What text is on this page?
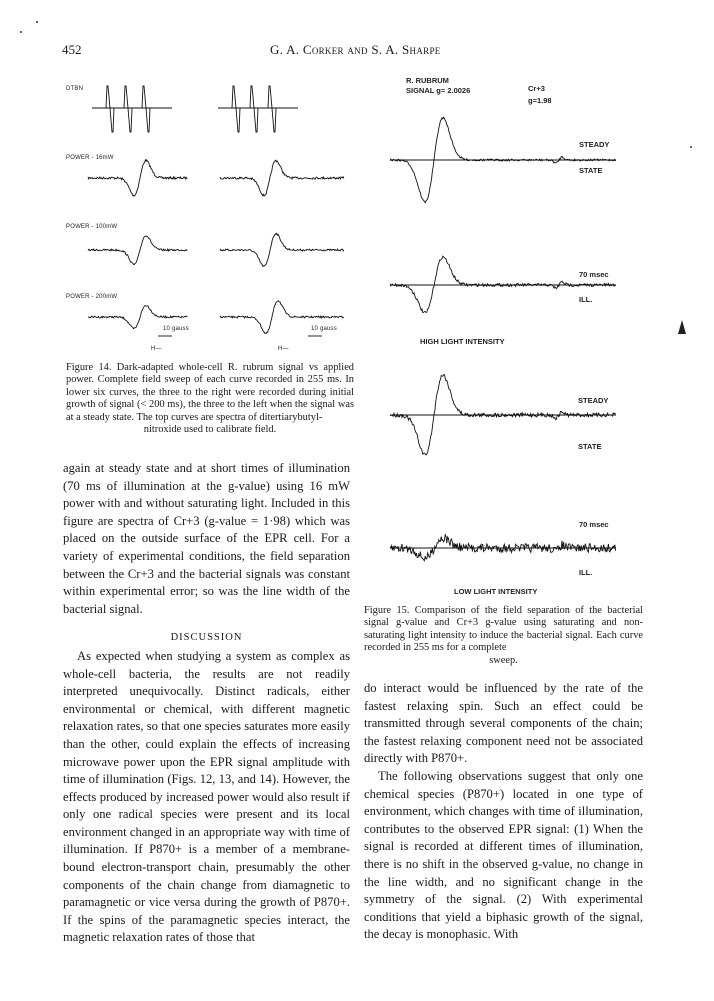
452	G. A. Corker and S. A. Sharpe
DTBN
POWER - 16mW
POWER - 100mW
POWER - 200mW
10 gauss	10 gauss
H—	H—
Figure 14. Dark-adapted whole-cell R. rubrum signal vs applied power. Complete field sweep of each curve recorded in 255 ms. In lower six curves, the three to the right were recorded during initial growth of signal (< 200 ms), the three to the left when the signal was at a steady state. The top curves are spectra of ditertiarybutyl-
nitroxide used to calibrate field.
R. RUBRUM
SIGNAL g= 2.0026	Cr+3
g=1.98
STEADY
STATE
70 msec
ILL.
HIGH LIGHT INTENSITY
STEADY
STATE
70 msec
ILL.
LOW LIGHT INTENSITY
Figure 15. Comparison of the field separation of the bacterial signal g-value and Cr+3 g-value using saturating and non-saturating light intensity to induce the bacterial signal. Each curve recorded in 255 ms for a complete
sweep.

again at steady state and at short times of illumination (70 ms of illumination at the g-value) using 16 mW power with and without saturating light. Included in this figure are spectra of Cr+3 (g-value = 1·98) which was placed on the outside surface of the EPR cell. For a variety of experimental conditions, the field separation between the Cr+3 and the bacterial signals was constant within experimental error; so was the line width of the bacterial signal.

DISCUSSION

As expected when studying a system as complex as whole-cell bacteria, the results are not readily interpreted unequivocally. Distinct radicals, either environmental or chemical, with different magnetic relaxation rates, so that one species saturates more easily than the other, could explain the effects of increasing microwave power upon the EPR signal amplitude with time of illumination (Figs. 12, 13, and 14). However, the effects produced by increased power would also result if only one radical species were present and its local environment changed in an appropriate way with time of illumination. If P870+ is a member of a membrane-bound electron-transport chain, presumably the other components of the chain change from diamagnetic to paramagnetic or vice versa during the growth of P870+. If the spins of the paramagnetic species interact, the magnetic relaxation rates of those that

do interact would be influenced by the rate of the fastest relaxing spin. Such an effect could be transmitted through several components of the chain; the fastest relaxing component need not be associated directly with P870+.

The following observations suggest that only one chemical species (P870+) located in one type of environment, which changes with time of illumination, contributes to the observed EPR signal: (1) When the signal is recorded at different times of illumination, there is no shift in the observed g-value, no change in the line width, and no significant change in the symmetry of the signal. (2) With experimental conditions that yield a biphasic growth of the signal, the decay is monophasic. With
